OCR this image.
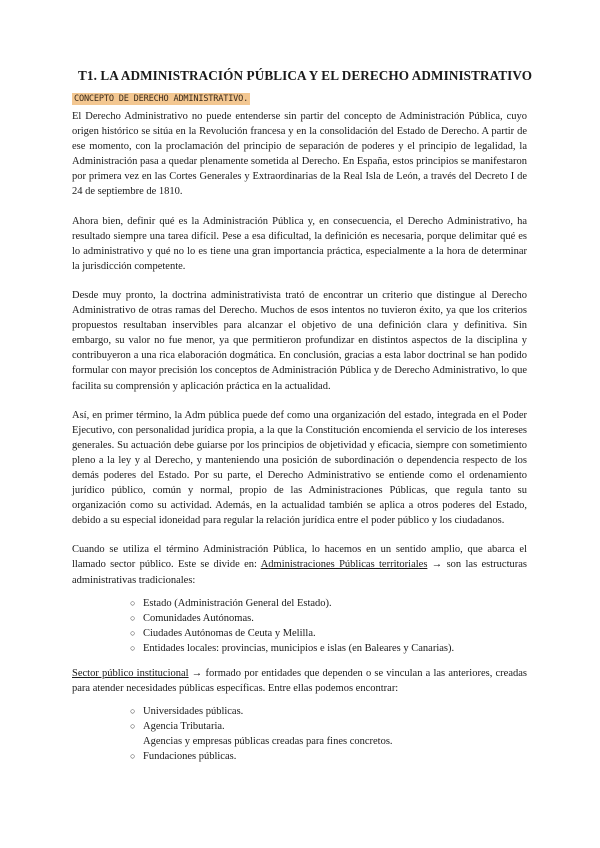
T1. LA ADMINISTRACIÓN PÚBLICA Y EL DERECHO ADMINISTRATIVO
CONCEPTO DE DERECHO ADMINISTRATIVO.

El Derecho Administrativo no puede entenderse sin partir del concepto de Administración Pública, cuyo origen histórico se sitúa en la Revolución francesa y en la consolidación del Estado de Derecho. A partir de ese momento, con la proclamación del principio de separación de poderes y el principio de legalidad, la Administración pasa a quedar plenamente sometida al Derecho. En España, estos principios se manifestaron por primera vez en las Cortes Generales y Extraordinarias de la Real Isla de León, a través del Decreto I de 24 de septiembre de 1810.

Ahora bien, definir qué es la Administración Pública y, en consecuencia, el Derecho Administrativo, ha resultado siempre una tarea difícil. Pese a esa dificultad, la definición es necesaria, porque delimitar qué es lo administrativo y qué no lo es tiene una gran importancia práctica, especialmente a la hora de determinar la jurisdicción competente.

Desde muy pronto, la doctrina administrativista trató de encontrar un criterio que distingue al Derecho Administrativo de otras ramas del Derecho. Muchos de esos intentos no tuvieron éxito, ya que los criterios propuestos resultaban inservibles para alcanzar el objetivo de una definición clara y definitiva. Sin embargo, su valor no fue menor, ya que permitieron profundizar en distintos aspectos de la disciplina y contribuyeron a una rica elaboración dogmática. En conclusión, gracias a esta labor doctrinal se han podido formular con mayor precisión los conceptos de Administración Pública y de Derecho Administrativo, lo que facilita su comprensión y aplicación práctica en la actualidad.

Así, en primer término, la Adm pública puede def como una organización del estado, integrada en el Poder Ejecutivo, con personalidad jurídica propia, a la que la Constitución encomienda el servicio de los intereses generales. Su actuación debe guiarse por los principios de objetividad y eficacia, siempre con sometimiento pleno a la ley y al Derecho, y manteniendo una posición de subordinación o dependencia respecto de los demás poderes del Estado. Por su parte, el Derecho Administrativo se entiende como el ordenamiento jurídico público, común y normal, propio de las Administraciones Públicas, que regula tanto su organización como su actividad. Además, en la actualidad también se aplica a otros poderes del Estado, debido a su especial idoneidad para regular la relación jurídica entre el poder público y los ciudadanos.

Cuando se utiliza el término Administración Pública, lo hacemos en un sentido amplio, que abarca el llamado sector público. Este se divide en: Administraciones Públicas territoriales → son las estructuras administrativas tradicionales:

○ Estado (Administración General del Estado).
○ Comunidades Autónomas.
○ Ciudades Autónomas de Ceuta y Melilla.
○ Entidades locales: provincias, municipios e islas (en Baleares y Canarias).

Sector público institucional → formado por entidades que dependen o se vinculan a las anteriores, creadas para atender necesidades públicas específicas. Entre ellas podemos encontrar:

○ Universidades públicas.
○ Agencia Tributaria.
Agencias y empresas públicas creadas para fines concretos.
○ Fundaciones públicas.
